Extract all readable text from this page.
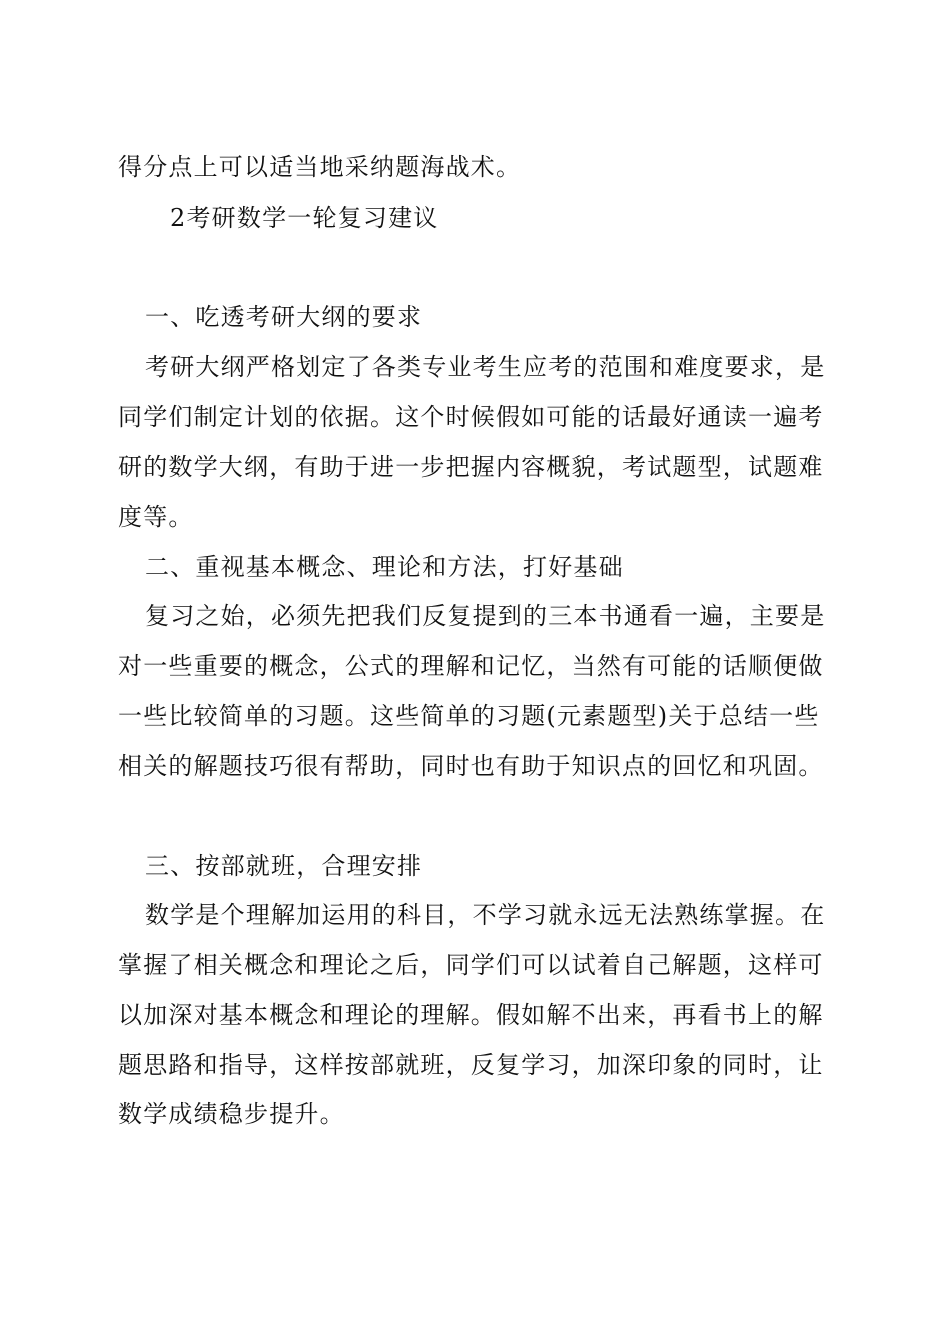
得分点上可以适当地采纳题海战术。
2考研数学一轮复习建议
一、吃透考研大纲的要求
考研大纲严格划定了各类专业考生应考的范围和难度要求，是
同学们制定计划的依据。这个时候假如可能的话最好通读一遍考
研的数学大纲，有助于进一步把握内容概貌，考试题型，试题难
度等。
二、重视基本概念、理论和方法，打好基础
复习之始，必须先把我们反复提到的三本书通看一遍，主要是
对一些重要的概念，公式的理解和记忆，当然有可能的话顺便做
一些比较简单的习题。这些简单的习题(元素题型)关于总结一些
相关的解题技巧很有帮助，同时也有助于知识点的回忆和巩固。
三、按部就班，合理安排
数学是个理解加运用的科目，不学习就永远无法熟练掌握。在
掌握了相关概念和理论之后，同学们可以试着自己解题，这样可
以加深对基本概念和理论的理解。假如解不出来，再看书上的解
题思路和指导，这样按部就班，反复学习，加深印象的同时，让
数学成绩稳步提升。
